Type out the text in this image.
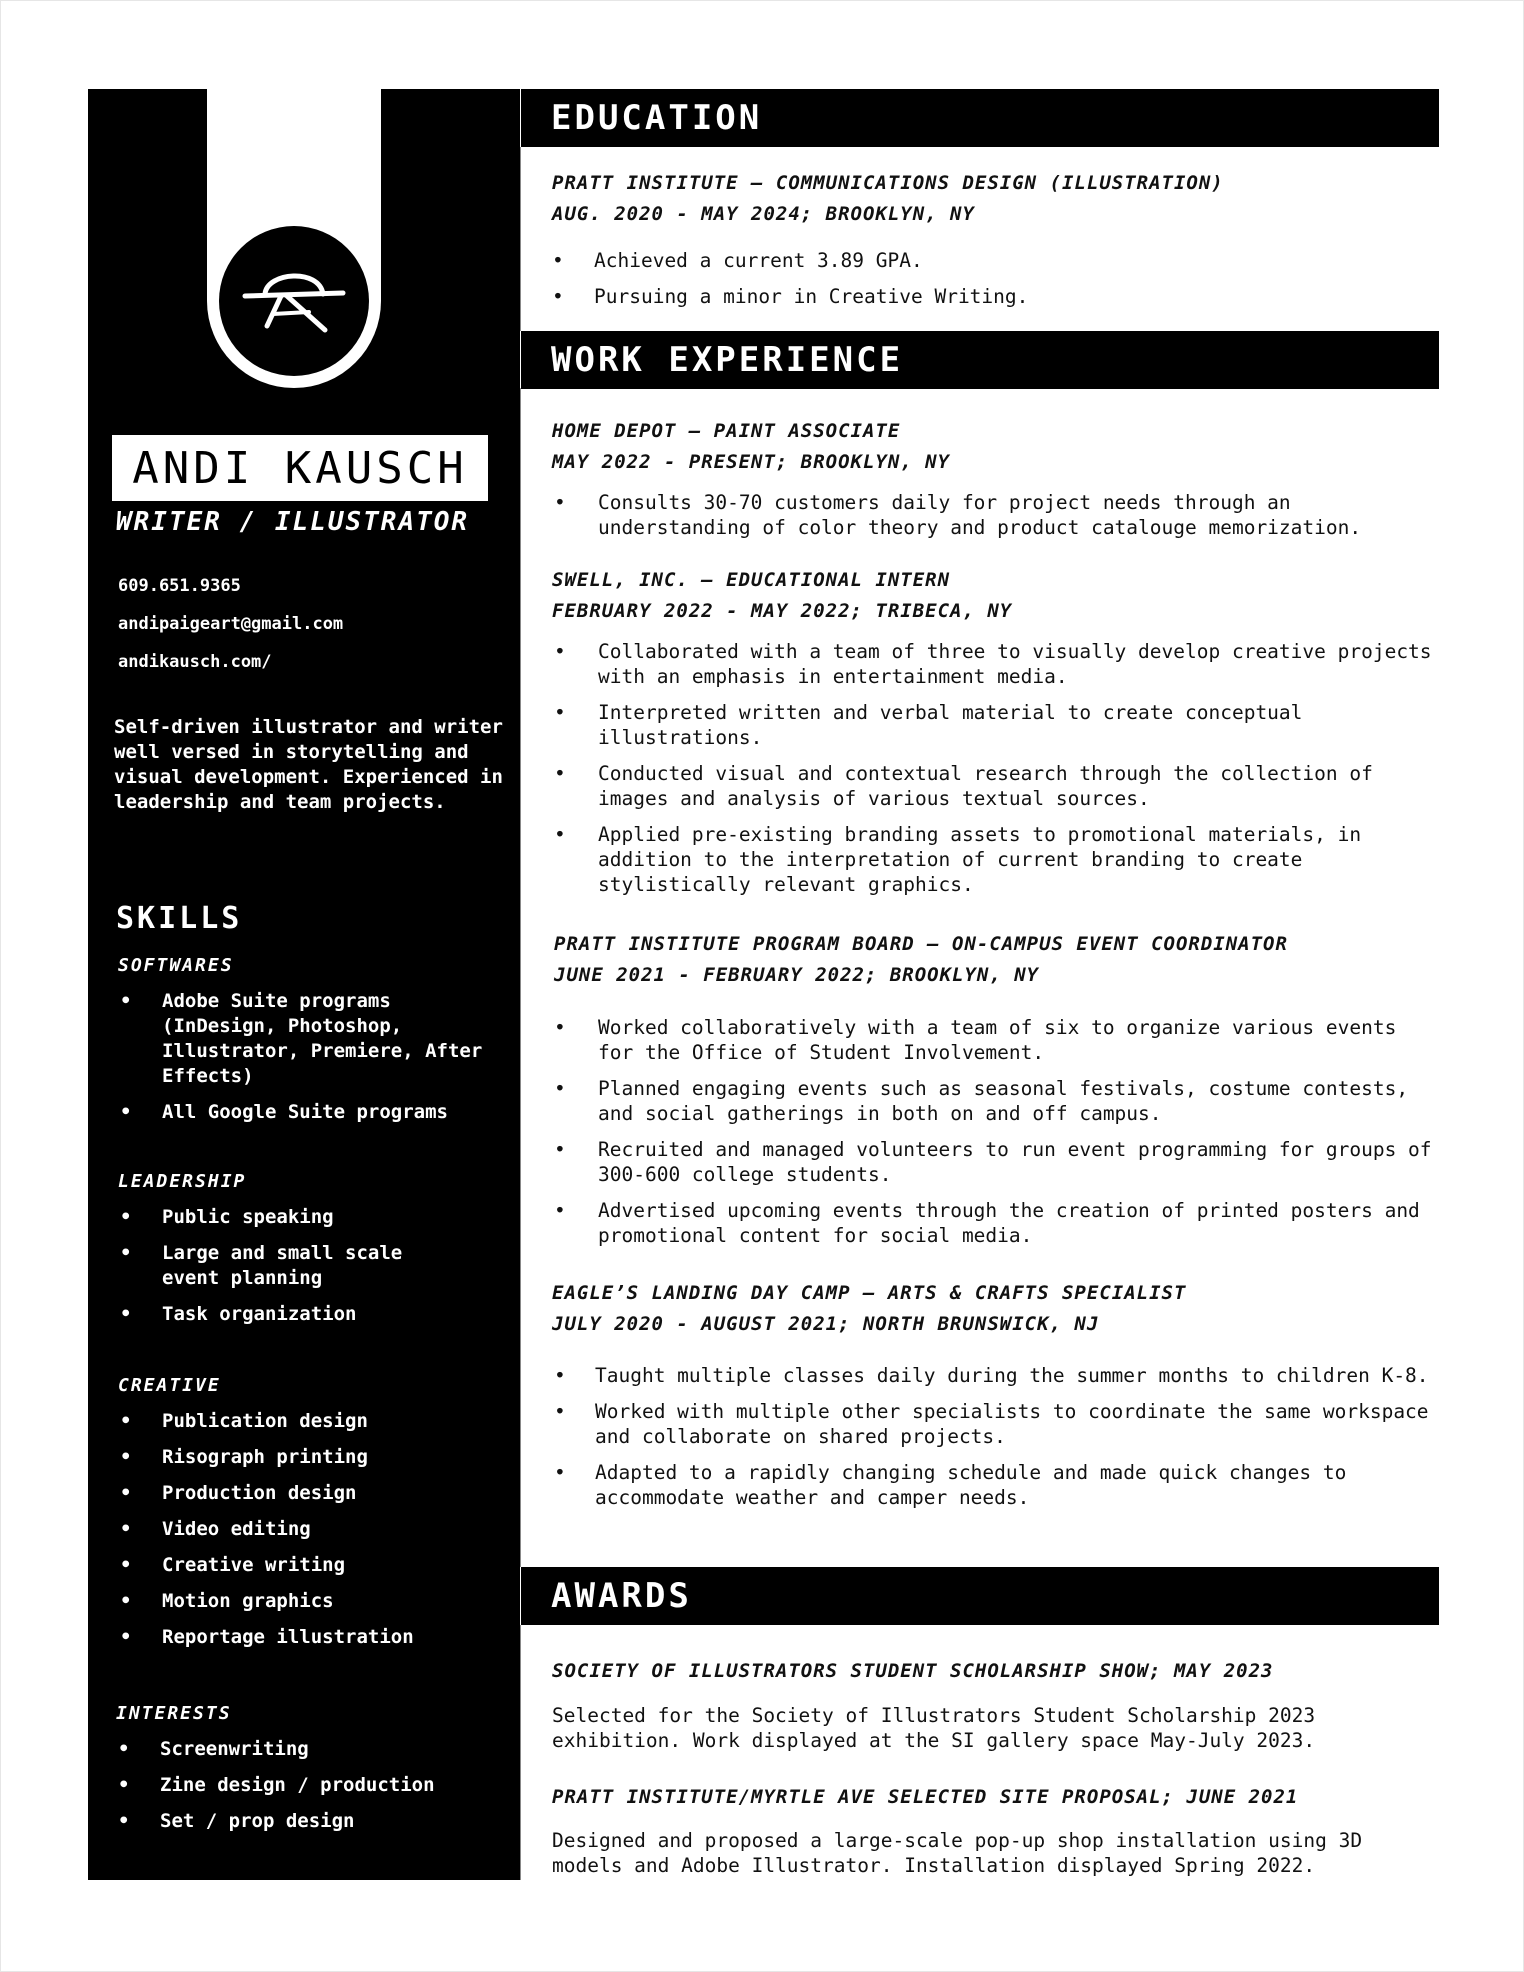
ANDI KAUSCH
WRITER / ILLUSTRATOR
609.651.9365
andipaigeart@gmail.com
andikausch.com/

Self-driven illustrator and writer well versed in storytelling and visual development. Experienced in leadership and team projects.

SKILLS
SOFTWARES
• Adobe Suite programs (InDesign, Photoshop, Illustrator, Premiere, After Effects)
• All Google Suite programs
LEADERSHIP
• Public speaking
• Large and small scale event planning
• Task organization
CREATIVE
• Publication design
• Risograph printing
• Production design
• Video editing
• Creative writing
• Motion graphics
• Reportage illustration
INTERESTS
• Screenwriting
• Zine design / production
• Set / prop design
EDUCATION
PRATT INSTITUTE — COMMUNICATIONS DESIGN (ILLUSTRATION)
AUG. 2020 - MAY 2024; BROOKLYN, NY
• Achieved a current 3.89 GPA.
• Pursuing a minor in Creative Writing.
WORK EXPERIENCE
HOME DEPOT — PAINT ASSOCIATE
MAY 2022 - PRESENT; BROOKLYN, NY
• Consults 30-70 customers daily for project needs through an understanding of color theory and product catalouge memorization.
SWELL, INC. — EDUCATIONAL INTERN
FEBRUARY 2022 - MAY 2022; TRIBECA, NY
• Collaborated with a team of three to visually develop creative projects with an emphasis in entertainment media.
• Interpreted written and verbal material to create conceptual illustrations.
• Conducted visual and contextual research through the collection of images and analysis of various textual sources.
• Applied pre-existing branding assets to promotional materials, in addition to the interpretation of current branding to create stylistically relevant graphics.
PRATT INSTITUTE PROGRAM BOARD — ON-CAMPUS EVENT COORDINATOR
JUNE 2021 - FEBRUARY 2022; BROOKLYN, NY
• Worked collaboratively with a team of six to organize various events for the Office of Student Involvement.
• Planned engaging events such as seasonal festivals, costume contests, and social gatherings in both on and off campus.
• Recruited and managed volunteers to run event programming for groups of 300-600 college students.
• Advertised upcoming events through the creation of printed posters and promotional content for social media.
EAGLE’S LANDING DAY CAMP — ARTS & CRAFTS SPECIALIST
JULY 2020 - AUGUST 2021; NORTH BRUNSWICK, NJ
• Taught multiple classes daily during the summer months to children K-8.
• Worked with multiple other specialists to coordinate the same workspace and collaborate on shared projects.
• Adapted to a rapidly changing schedule and made quick changes to accommodate weather and camper needs.
AWARDS
SOCIETY OF ILLUSTRATORS STUDENT SCHOLARSHIP SHOW; MAY 2023

Selected for the Society of Illustrators Student Scholarship 2023 exhibition. Work displayed at the SI gallery space May-July 2023.

PRATT INSTITUTE/MYRTLE AVE SELECTED SITE PROPOSAL; JUNE 2021

Designed and proposed a large-scale pop-up shop installation using 3D models and Adobe Illustrator. Installation displayed Spring 2022.
